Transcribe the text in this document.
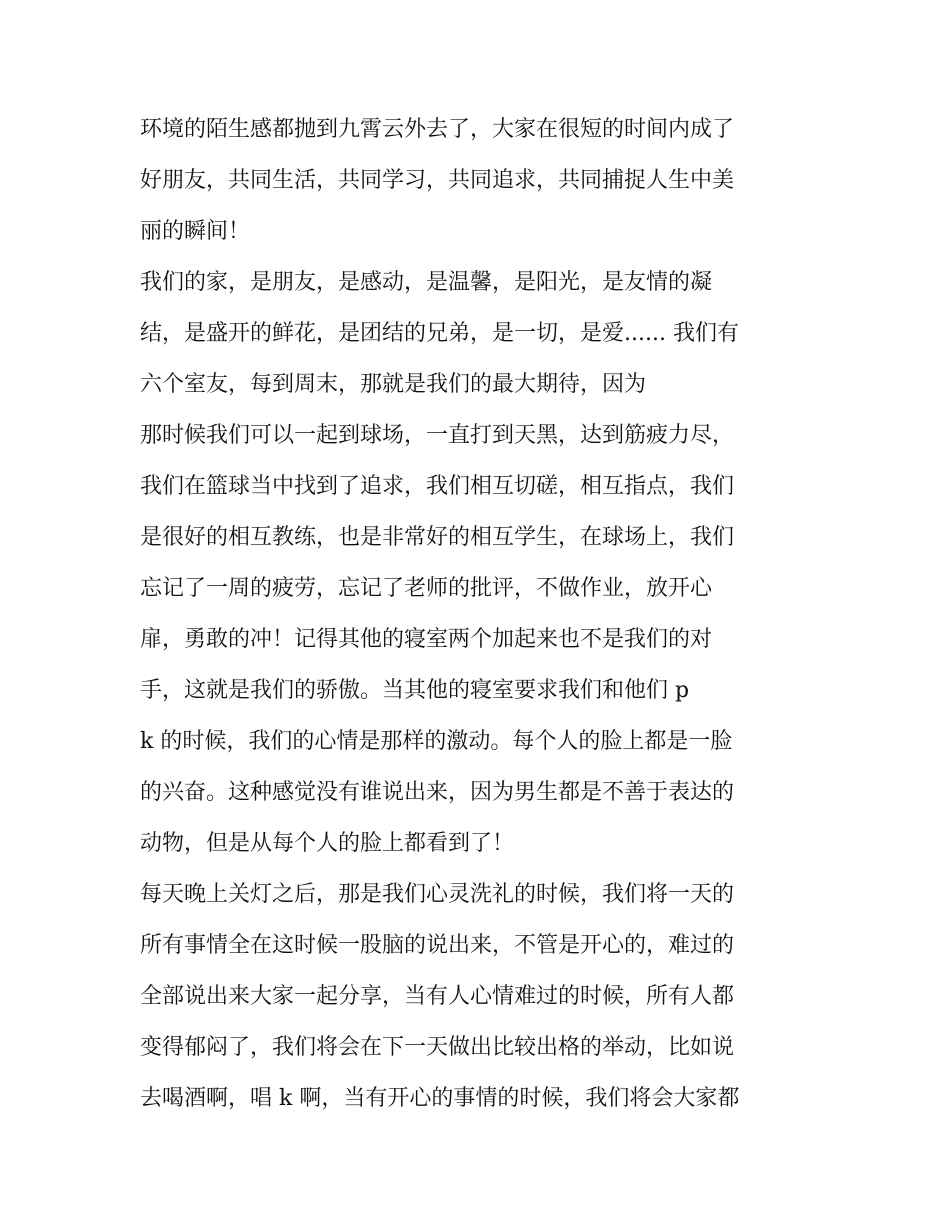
环境的陌生感都抛到九霄云外去了，大家在很短的时间内成了
好朋友，共同生活，共同学习，共同追求，共同捕捉人生中美
丽的瞬间！
我们的家，是朋友，是感动，是温馨，是阳光，是友情的凝
结，是盛开的鲜花，是团结的兄弟，是一切，是爱...... 我们有
六个室友，每到周末，那就是我们的最大期待，因为
那时候我们可以一起到球场，一直打到天黑，达到筋疲力尽，
我们在篮球当中找到了追求，我们相互切磋，相互指点，我们
是很好的相互教练，也是非常好的相互学生，在球场上，我们
忘记了一周的疲劳，忘记了老师的批评，不做作业，放开心
扉，勇敢的冲！记得其他的寝室两个加起来也不是我们的对
手，这就是我们的骄傲。当其他的寝室要求我们和他们 p
k 的时候，我们的心情是那样的激动。每个人的脸上都是一脸
的兴奋。这种感觉没有谁说出来，因为男生都是不善于表达的
动物，但是从每个人的脸上都看到了！
每天晚上关灯之后，那是我们心灵洗礼的时候，我们将一天的
所有事情全在这时候一股脑的说出来，不管是开心的，难过的
全部说出来大家一起分享，当有人心情难过的时候，所有人都
变得郁闷了，我们将会在下一天做出比较出格的举动，比如说
去喝酒啊，唱 k 啊，当有开心的事情的时候，我们将会大家都
